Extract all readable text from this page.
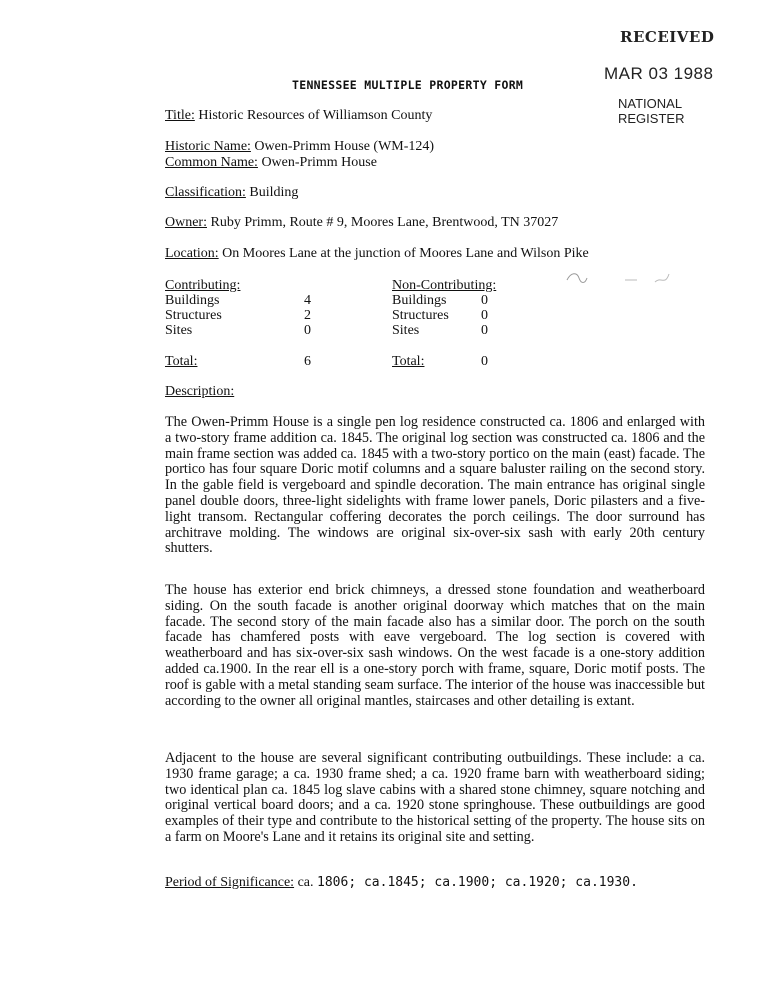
RECEIVED
MAR 03 1988
NATIONAL
REGISTER
TENNESSEE MULTIPLE PROPERTY FORM
Title: Historic Resources of Williamson County
Historic Name: Owen-Primm House (WM-124)
Common Name: Owen-Primm House
Classification: Building
Owner: Ruby Primm, Route # 9, Moores Lane, Brentwood, TN 37027
Location: On Moores Lane at the junction of Moores Lane and Wilson Pike
Contributing:	Non-Contributing:
Buildings	4	Buildings 0
Structures	2	Structures 0
Sites	0	Sites	0
Total:	6	Total:	0
Description:

The Owen-Primm House is a single pen log residence constructed ca. 1806 and enlarged with a two-story frame addition ca. 1845. The original log section was constructed ca. 1806 and the main frame section was added ca. 1845 with a two-story portico on the main (east) facade. The portico has four square Doric motif columns and a square baluster railing on the second story. In the gable field is vergeboard and spindle decoration. The main entrance has original single panel double doors, three-light sidelights with frame lower panels, Doric pilasters and a five-light transom. Rectangular coffering decorates the porch ceilings. The door surround has architrave molding. The windows are original six-over-six sash with early 20th century shutters.

The house has exterior end brick chimneys, a dressed stone foundation and weatherboard siding. On the south facade is another original doorway which matches that on the main facade. The second story of the main facade also has a similar door. The porch on the south facade has chamfered posts with eave vergeboard. The log section is covered with weatherboard and has six-over-six sash windows. On the west facade is a one-story addition added ca.1900. In the rear ell is a one-story porch with frame, square, Doric motif posts. The roof is gable with a metal standing seam surface. The interior of the house was inaccessible but according to the owner all original mantles, staircases and other detailing is extant.

Adjacent to the house are several significant contributing outbuildings. These include: a ca. 1930 frame garage; a ca. 1930 frame shed; a ca. 1920 frame barn with weatherboard siding; two identical plan ca. 1845 log slave cabins with a shared stone chimney, square notching and original vertical board doors; and a ca. 1920 stone springhouse. These outbuildings are good examples of their type and contribute to the historical setting of the property. The house sits on a farm on Moore's Lane and it retains its original site and setting.

Period of Significance: ca. 1806; ca.1845; ca.1900; ca.1920; ca.1930.
